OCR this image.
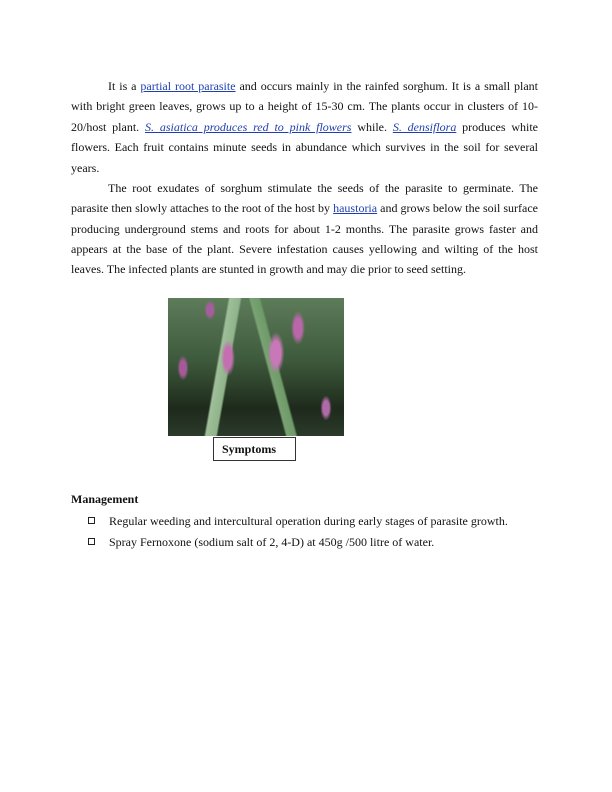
It is a partial root parasite and occurs mainly in the rainfed sorghum. It is a small plant
with bright green leaves, grows up to a height of 15-30 cm. The plants occur in clusters of 10-
20/host plant. S. asiatica produces red to pink flowers while. S. densiflora produces white
flowers. Each fruit contains minute seeds in abundance which survives in the soil for several
years.
The root exudates of sorghum stimulate the seeds of the parasite to germinate. The
parasite then slowly attaches to the root of the host by haustoria and grows below the soil surface
producing underground stems and roots for about 1-2 months. The parasite grows faster and
appears at the base of the plant. Severe infestation causes yellowing and wilting of the host
leaves. The infected plants are stunted in growth and may die prior to seed setting.
Symptoms
Management
Regular weeding and intercultural operation during early stages of parasite growth.
Spray Fernoxone (sodium salt of 2, 4-D) at 450g /500 litre of water.
